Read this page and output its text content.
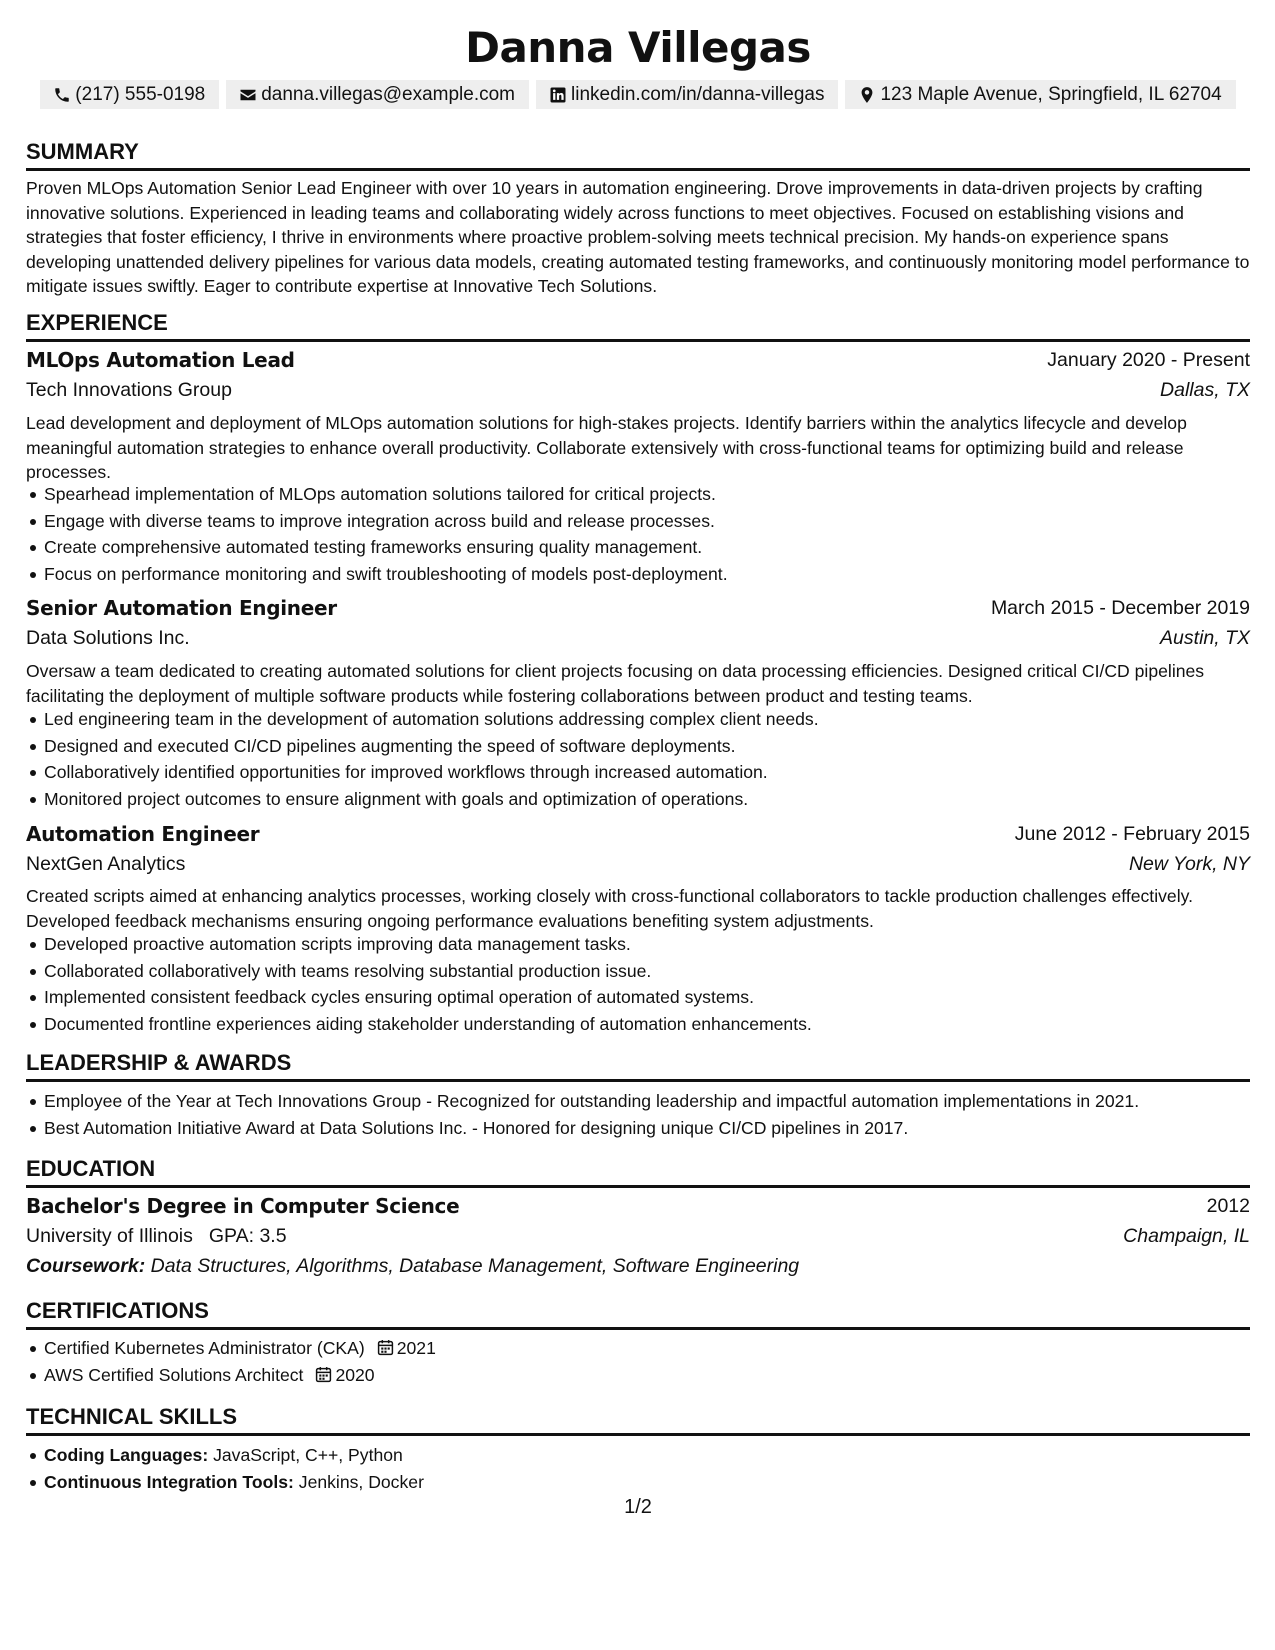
Danna Villegas
(217) 555-0198	danna.villegas@example.com	linkedin.com/in/danna-villegas	123 Maple Avenue, Springfield, IL 62704
SUMMARY
Proven MLOps Automation Senior Lead Engineer with over 10 years in automation engineering. Drove improvements in data-driven projects by crafting innovative solutions. Experienced in leading teams and collaborating widely across functions to meet objectives. Focused on establishing visions and strategies that foster efficiency, I thrive in environments where proactive problem-solving meets technical precision. My hands-on experience spans developing unattended delivery pipelines for various data models, creating automated testing frameworks, and continuously monitoring model performance to mitigate issues swiftly. Eager to contribute expertise at Innovative Tech Solutions.
EXPERIENCE
MLOps Automation Lead	January 2020 - Present
Tech Innovations Group	Dallas, TX
Lead development and deployment of MLOps automation solutions for high-stakes projects. Identify barriers within the analytics lifecycle and develop meaningful automation strategies to enhance overall productivity. Collaborate extensively with cross-functional teams for optimizing build and release processes.
Spearhead implementation of MLOps automation solutions tailored for critical projects.
Engage with diverse teams to improve integration across build and release processes.
Create comprehensive automated testing frameworks ensuring quality management.
Focus on performance monitoring and swift troubleshooting of models post-deployment.
Senior Automation Engineer	March 2015 - December 2019
Data Solutions Inc.	Austin, TX
Oversaw a team dedicated to creating automated solutions for client projects focusing on data processing efficiencies. Designed critical CI/CD pipelines facilitating the deployment of multiple software products while fostering collaborations between product and testing teams.
Led engineering team in the development of automation solutions addressing complex client needs.
Designed and executed CI/CD pipelines augmenting the speed of software deployments.
Collaboratively identified opportunities for improved workflows through increased automation.
Monitored project outcomes to ensure alignment with goals and optimization of operations.
Automation Engineer	June 2012 - February 2015
NextGen Analytics	New York, NY
Created scripts aimed at enhancing analytics processes, working closely with cross-functional collaborators to tackle production challenges effectively. Developed feedback mechanisms ensuring ongoing performance evaluations benefiting system adjustments.
Developed proactive automation scripts improving data management tasks.
Collaborated collaboratively with teams resolving substantial production issue.
Implemented consistent feedback cycles ensuring optimal operation of automated systems.
Documented frontline experiences aiding stakeholder understanding of automation enhancements.
LEADERSHIP & AWARDS
Employee of the Year at Tech Innovations Group - Recognized for outstanding leadership and impactful automation implementations in 2021.
Best Automation Initiative Award at Data Solutions Inc. - Honored for designing unique CI/CD pipelines in 2017.
EDUCATION
Bachelor's Degree in Computer Science	2012
University of Illinois GPA: 3.5	Champaign, IL
Coursework: Data Structures, Algorithms, Database Management, Software Engineering
CERTIFICATIONS
Certified Kubernetes Administrator (CKA) 2021
AWS Certified Solutions Architect 2020
TECHNICAL SKILLS
Coding Languages: JavaScript, C++, Python
Continuous Integration Tools: Jenkins, Docker
1/2
